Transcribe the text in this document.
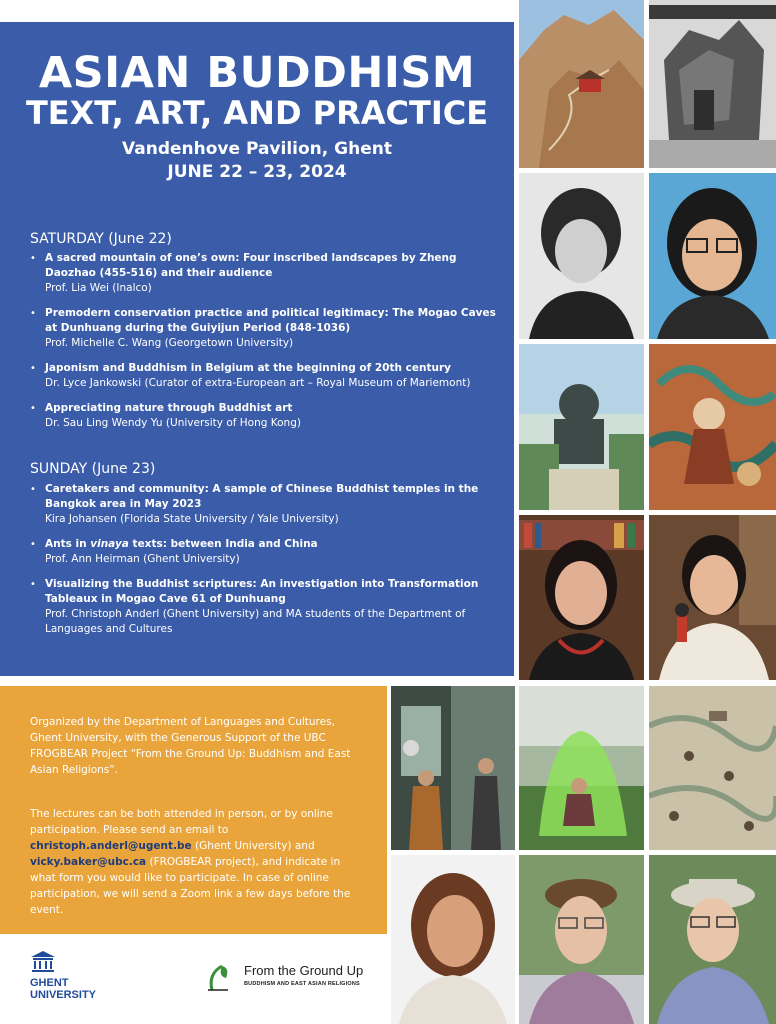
ASIAN BUDDHISM
TEXT, ART, AND PRACTICE
Vandenhove Pavilion, Ghent
JUNE 22 – 23, 2024
SATURDAY (June 22)
• A sacred mountain of one’s own: Four inscribed landscapes by Zheng Daozhao (455-516) and their audience
Prof. Lia Wei (Inalco)
• Premodern conservation practice and political legitimacy: The Mogao Caves at Dunhuang during the Guiyijun Period (848-1036)
Prof. Michelle C. Wang (Georgetown University)
• Japonism and Buddhism in Belgium at the beginning of 20th century
Dr. Lyce Jankowski (Curator of extra-European art – Royal Museum of Mariemont)
• Appreciating nature through Buddhist art
Dr. Sau Ling Wendy Yu (University of Hong Kong)
SUNDAY (June 23)
• Caretakers and community: A sample of Chinese Buddhist temples in the Bangkok area in May 2023
Kira Johansen (Florida State University / Yale University)
• Ants in vinaya texts: between India and China
Prof. Ann Heirman (Ghent University)
• Visualizing the Buddhist scriptures: An investigation into Transformation Tableaux in Mogao Cave 61 of Dunhuang
Prof. Christoph Anderl (Ghent University) and MA students of the Department of Languages and Cultures

Organized by the Department of Languages and Cultures, Ghent University, with the Generous Support of the UBC FROGBEAR Project “From the Ground Up: Buddhism and East Asian Religions”.

The lectures can be both attended in person, or by online participation. Please send an email to christoph.anderl@ugent.be (Ghent University) and vicky.baker@ubc.ca (FROGBEAR project), and indicate in what form you would like to participate. In case of online participation, we will send a Zoom link a few days before the event.

GHENT
UNIVERSITY
From the Ground Up
BUDDHISM AND EAST ASIAN RELIGIONS
